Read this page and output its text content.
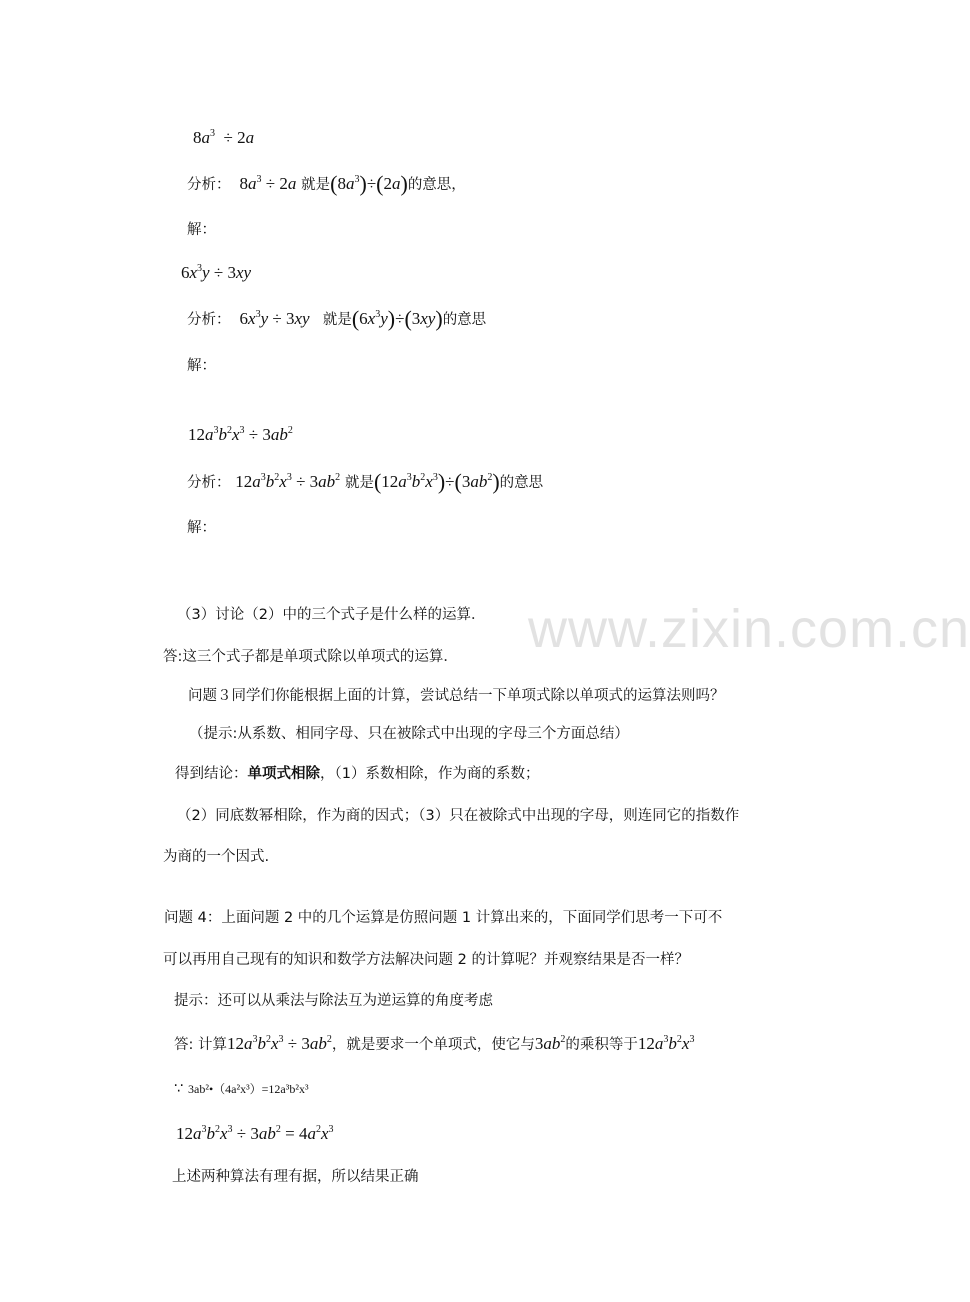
$8a^3 \div 2a$
分析：  $8a^3 \div 2a$ 就是$(8a^3)\div(2a)$的意思，
解：
$6x^3y \div 3xy$
分析：  $6x^3y \div 3xy$ 就是$(6x^3y)\div(3xy)$的意思
解：
$12a^3b^2x^3 \div 3ab^2$
分析： $12a^3b^2x^3 \div 3ab^2$ 就是$(12a^3b^2x^3)\div(3ab^2)$的意思
解：
www.zixin.com.cn
（3）讨论（2）中的三个式子是什么样的运算．
答:这三个式子都是单项式除以单项式的运算．
问题３同学们你能根据上面的计算，尝试总结一下单项式除以单项式的运算法则吗？
（提示:从系数、相同字母、只在被除式中出现的字母三个方面总结）
得到结论：单项式相除，（1）系数相除，作为商的系数；
（2）同底数幂相除，作为商的因式；（3）只在被除式中出现的字母，则连同它的指数作
为商的一个因式.
问题 4：上面问题 2 中的几个运算是仿照问题 1 计算出来的，下面同学们思考一下可不
可以再用自己现有的知识和数学方法解决问题 2 的计算呢？并观察结果是否一样？
提示：还可以从乘法与除法互为逆运算的角度考虑
答: 计算$12a^3b^2x^3 \div 3ab^2$，就是要求一个单项式，使它与$3ab^2$的乘积等于$12a^3b^2x^3$
∵ 3ab²•（4a²x³）=12a³b²x³
$12a^3b^2x^3 \div 3ab^2 = 4a^2x^3$
上述两种算法有理有据，所以结果正确
